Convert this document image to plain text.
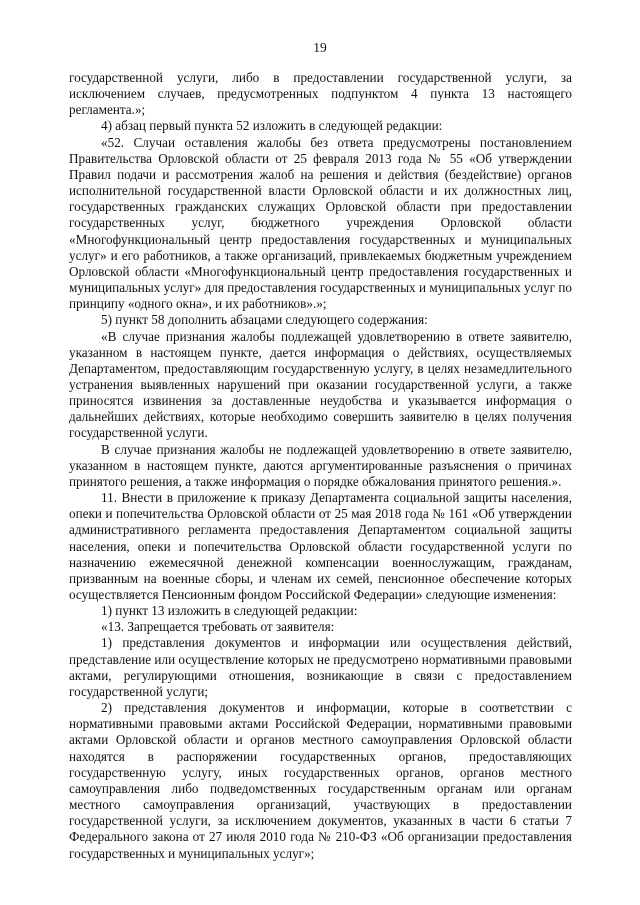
19

государственной услуги, либо в предоставлении государственной услуги, за исключением случаев, предусмотренных подпунктом 4 пункта 13 настоящего регламента.»;

4) абзац первый пункта 52 изложить в следующей редакции:

«52. Случаи оставления жалобы без ответа предусмотрены постановлением Правительства Орловской области от 25 февраля 2013 года № 55 «Об утверждении Правил подачи и рассмотрения жалоб на решения и действия (бездействие) органов исполнительной государственной власти Орловской области и их должностных лиц, государственных гражданских служащих Орловской области при предоставлении государственных услуг, бюджетного учреждения Орловской области «Многофункциональный центр предоставления государственных и муниципальных услуг» и его работников, а также организаций, привлекаемых бюджетным учреждением Орловской области «Многофункциональный центр предоставления государственных и муниципальных услуг» для предоставления государственных и муниципальных услуг по принципу «одного окна», и их работников».»;

5) пункт 58 дополнить абзацами следующего содержания:

«В случае признания жалобы подлежащей удовлетворению в ответе заявителю, указанном в настоящем пункте, дается информация о действиях, осуществляемых Департаментом, предоставляющим государственную услугу, в целях незамедлительного устранения выявленных нарушений при оказании государственной услуги, а также приносятся извинения за доставленные неудобства и указывается информация о дальнейших действиях, которые необходимо совершить заявителю в целях получения государственной услуги.

В случае признания жалобы не подлежащей удовлетворению в ответе заявителю, указанном в настоящем пункте, даются аргументированные разъяснения о причинах принятого решения, а также информация о порядке обжалования принятого решения.».

11. Внести в приложение к приказу Департамента социальной защиты населения, опеки и попечительства Орловской области от 25 мая 2018 года № 161 «Об утверждении административного регламента предоставления Департаментом социальной защиты населения, опеки и попечительства Орловской области государственной услуги по назначению ежемесячной денежной компенсации военнослужащим, гражданам, призванным на военные сборы, и членам их семей, пенсионное обеспечение которых осуществляется Пенсионным фондом Российской Федерации» следующие изменения:

1) пункт 13 изложить в следующей редакции:

«13. Запрещается требовать от заявителя:

1) представления документов и информации или осуществления действий, представление или осуществление которых не предусмотрено нормативными правовыми актами, регулирующими отношения, возникающие в связи с предоставлением государственной услуги;

2) представления документов и информации, которые в соответствии с нормативными правовыми актами Российской Федерации, нормативными правовыми актами Орловской области и органов местного самоуправления Орловской области находятся в распоряжении государственных органов, предоставляющих государственную услугу, иных государственных органов, органов местного самоуправления либо подведомственных государственным органам или органам местного самоуправления организаций, участвующих в предоставлении государственной услуги, за исключением документов, указанных в части 6 статьи 7 Федерального закона от 27 июля 2010 года № 210-ФЗ «Об организации предоставления государственных и муниципальных услуг»;
